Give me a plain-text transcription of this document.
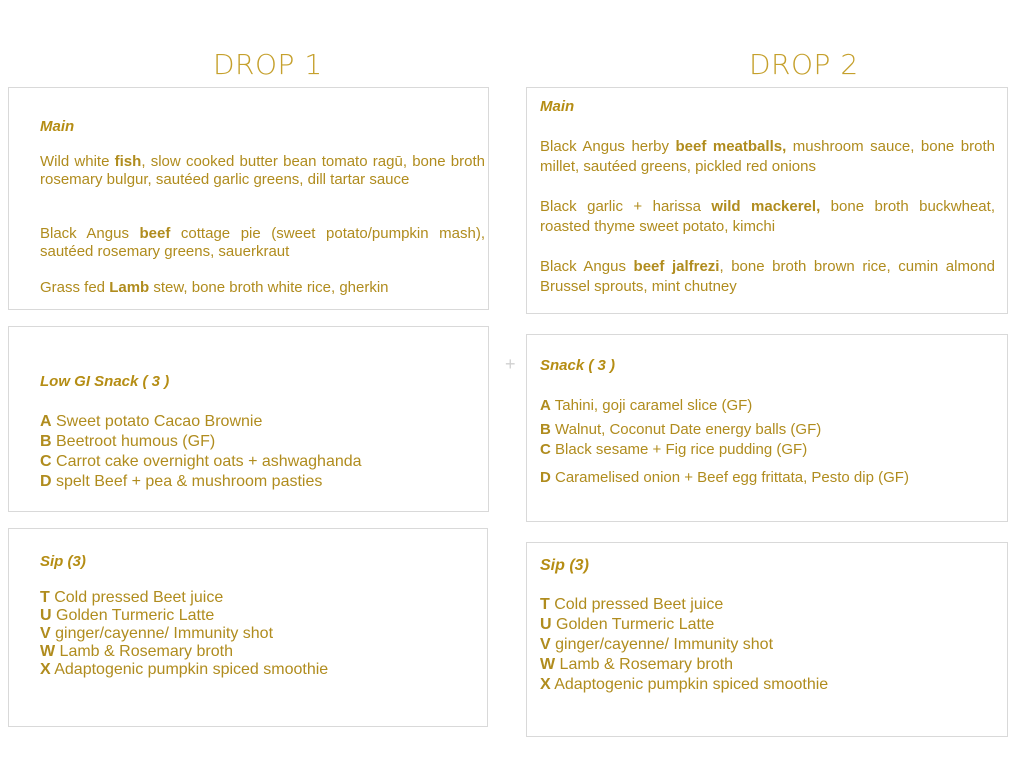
DROP 1	DROP 2
Main
Wild white fish, slow cooked butter bean tomato ragū, bone broth rosemary bulgur, sautéed garlic greens, dill tartar sauce
Black Angus beef cottage pie (sweet potato/pumpkin mash), sautéed rosemary greens, sauerkraut
Grass fed Lamb stew, bone broth white rice, gherkin
Low GI Snack ( 3 )
A Sweet potato Cacao Brownie
B Beetroot humous (GF)
C Carrot cake overnight oats + ashwaghanda
D spelt Beef + pea & mushroom pasties
Sip (3)
T Cold pressed Beet juice
U Golden Turmeric Latte
V ginger/cayenne/ Immunity shot
W Lamb & Rosemary broth
X Adaptogenic pumpkin spiced smoothie
+
Main
Black Angus herby beef meatballs, mushroom sauce, bone broth millet, sautéed greens, pickled red onions
Black garlic + harissa wild mackerel, bone broth buckwheat, roasted thyme sweet potato, kimchi
Black Angus beef jalfrezi, bone broth brown rice, cumin almond Brussel sprouts, mint chutney
Snack ( 3 )
A Tahini, goji caramel slice (GF)
B Walnut, Coconut Date energy balls (GF)
C Black sesame + Fig rice pudding (GF)
D Caramelised onion + Beef egg frittata, Pesto dip (GF)
Sip (3)
T Cold pressed Beet juice
U Golden Turmeric Latte
V ginger/cayenne/ Immunity shot
W Lamb & Rosemary broth
X Adaptogenic pumpkin spiced smoothie
